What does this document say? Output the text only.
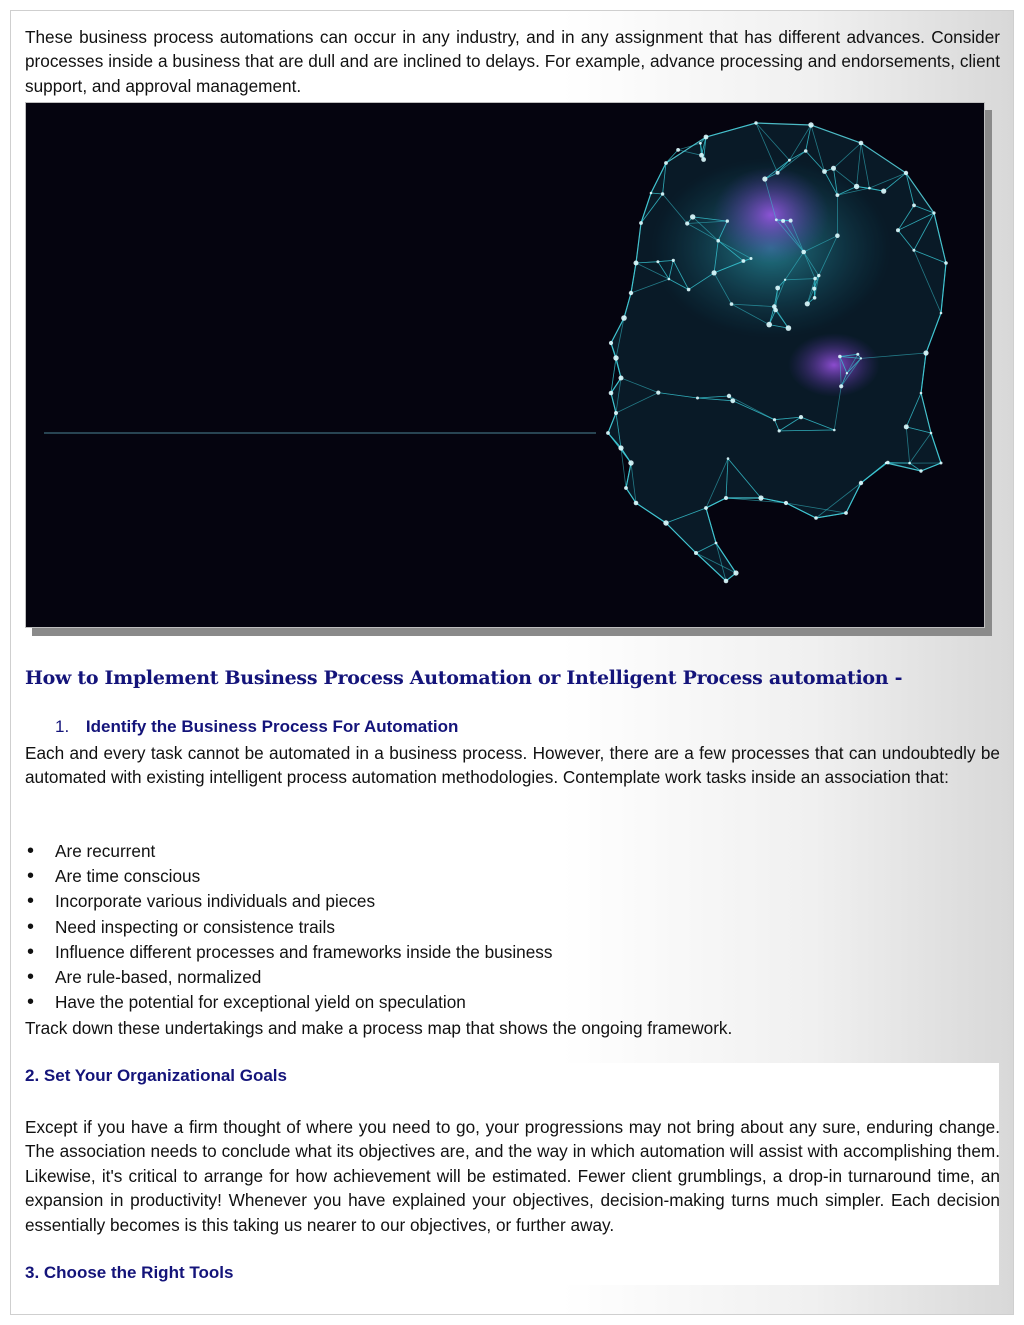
These business process automations can occur in any industry, and in any assignment that has different advances. Consider processes inside a business that are dull and are inclined to delays. For example, advance processing and endorsements, client support, and approval management.

How to Implement Business Process Automation or Intelligent Process automation -
1. Identify the Business Process For Automation

Each and every task cannot be automated in a business process. However, there are a few processes that can undoubtedly be automated with existing intelligent process automation methodologies. Contemplate work tasks inside an association that:

• Are recurrent
• Are time conscious
• Incorporate various individuals and pieces
• Need inspecting or consistence trails
• Influence different processes and frameworks inside the business
• Are rule-based, normalized
• Have the potential for exceptional yield on speculation

Track down these undertakings and make a process map that shows the ongoing framework.

2. Set Your Organizational Goals

Except if you have a firm thought of where you need to go, your progressions may not bring about any sure, enduring change. The association needs to conclude what its objectives are, and the way in which automation will assist with accomplishing them. Likewise, it's critical to arrange for how achievement will be estimated. Fewer client grumblings, a drop-in turnaround time, an expansion in productivity! Whenever you have explained your objectives, decision-making turns much simpler. Each decision essentially becomes is this taking us nearer to our objectives, or further away.

3. Choose the Right Tools
